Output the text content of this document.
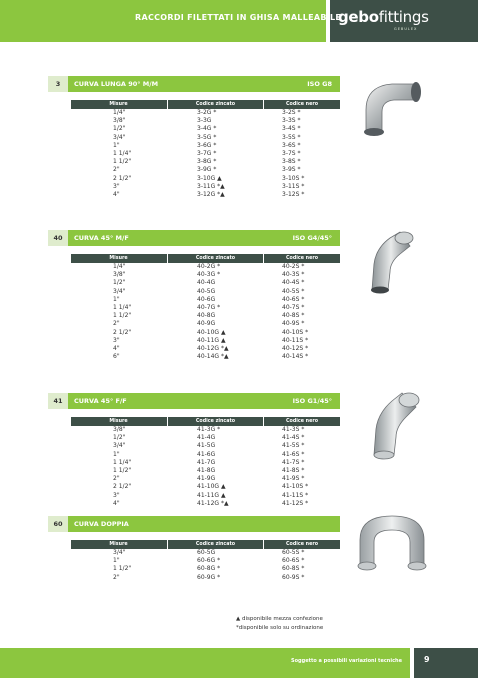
RACCORDI FILETTATI IN GHISA MALLEABILE
gebofittings
GEBULEX
3	CURVA LUNGA 90° M/M	ISO G8
Misure	Codice zincato	Codice nero
1/4"	3-2G *	3-2S *
3/8"	3-3G	3-3S *
1/2"	3-4G *	3-4S *
3/4"	3-5G *	3-5S *
1"	3-6G *	3-6S *
1 1/4"	3-7G *	3-7S *
1 1/2"	3-8G *	3-8S *
2"	3-9G *	3-9S *
2 1/2"	3-10G ▲	3-10S *
3"	3-11G *▲	3-11S *
4"	3-12G *▲	3-12S *
40	CURVA 45° M/F	ISO G4/45°
Misure	Codice zincato	Codice nero
1/4"	40-2G *	40-2S *
3/8"	40-3G *	40-3S *
1/2"	40-4G	40-4S *
3/4"	40-5G	40-5S *
1"	40-6G	40-6S *
1 1/4"	40-7G *	40-7S *
1 1/2"	40-8G	40-8S *
2"	40-9G	40-9S *
2 1/2"	40-10G ▲	40-10S *
3"	40-11G ▲	40-11S *
4"	40-12G *▲	40-12S *
6"	40-14G *▲	40-14S *
41	CURVA 45° F/F	ISO G1/45°
Misure	Codice zincato	Codice nero
3/8"	41-3G *	41-3S *
1/2"	41-4G	41-4S *
3/4"	41-5G	41-5S *
1"	41-6G	41-6S *
1 1/4"	41-7G	41-7S *
1 1/2"	41-8G	41-8S *
2"	41-9G	41-9S *
2 1/2"	41-10G ▲	41-10S *
3"	41-11G ▲	41-11S *
4"	41-12G *▲	41-12S *
60	CURVA DOPPIA
Misure	Codice zincato	Codice nero
3/4"	60-5G	60-5S *
1"	60-6G *	60-6S *
1 1/2"	60-8G *	60-8S *
2"	60-9G *	60-9S *
▲ disponibile mezza confezione
*disponibile solo su ordinazione
Soggetto a possibili variazioni tecniche	9
